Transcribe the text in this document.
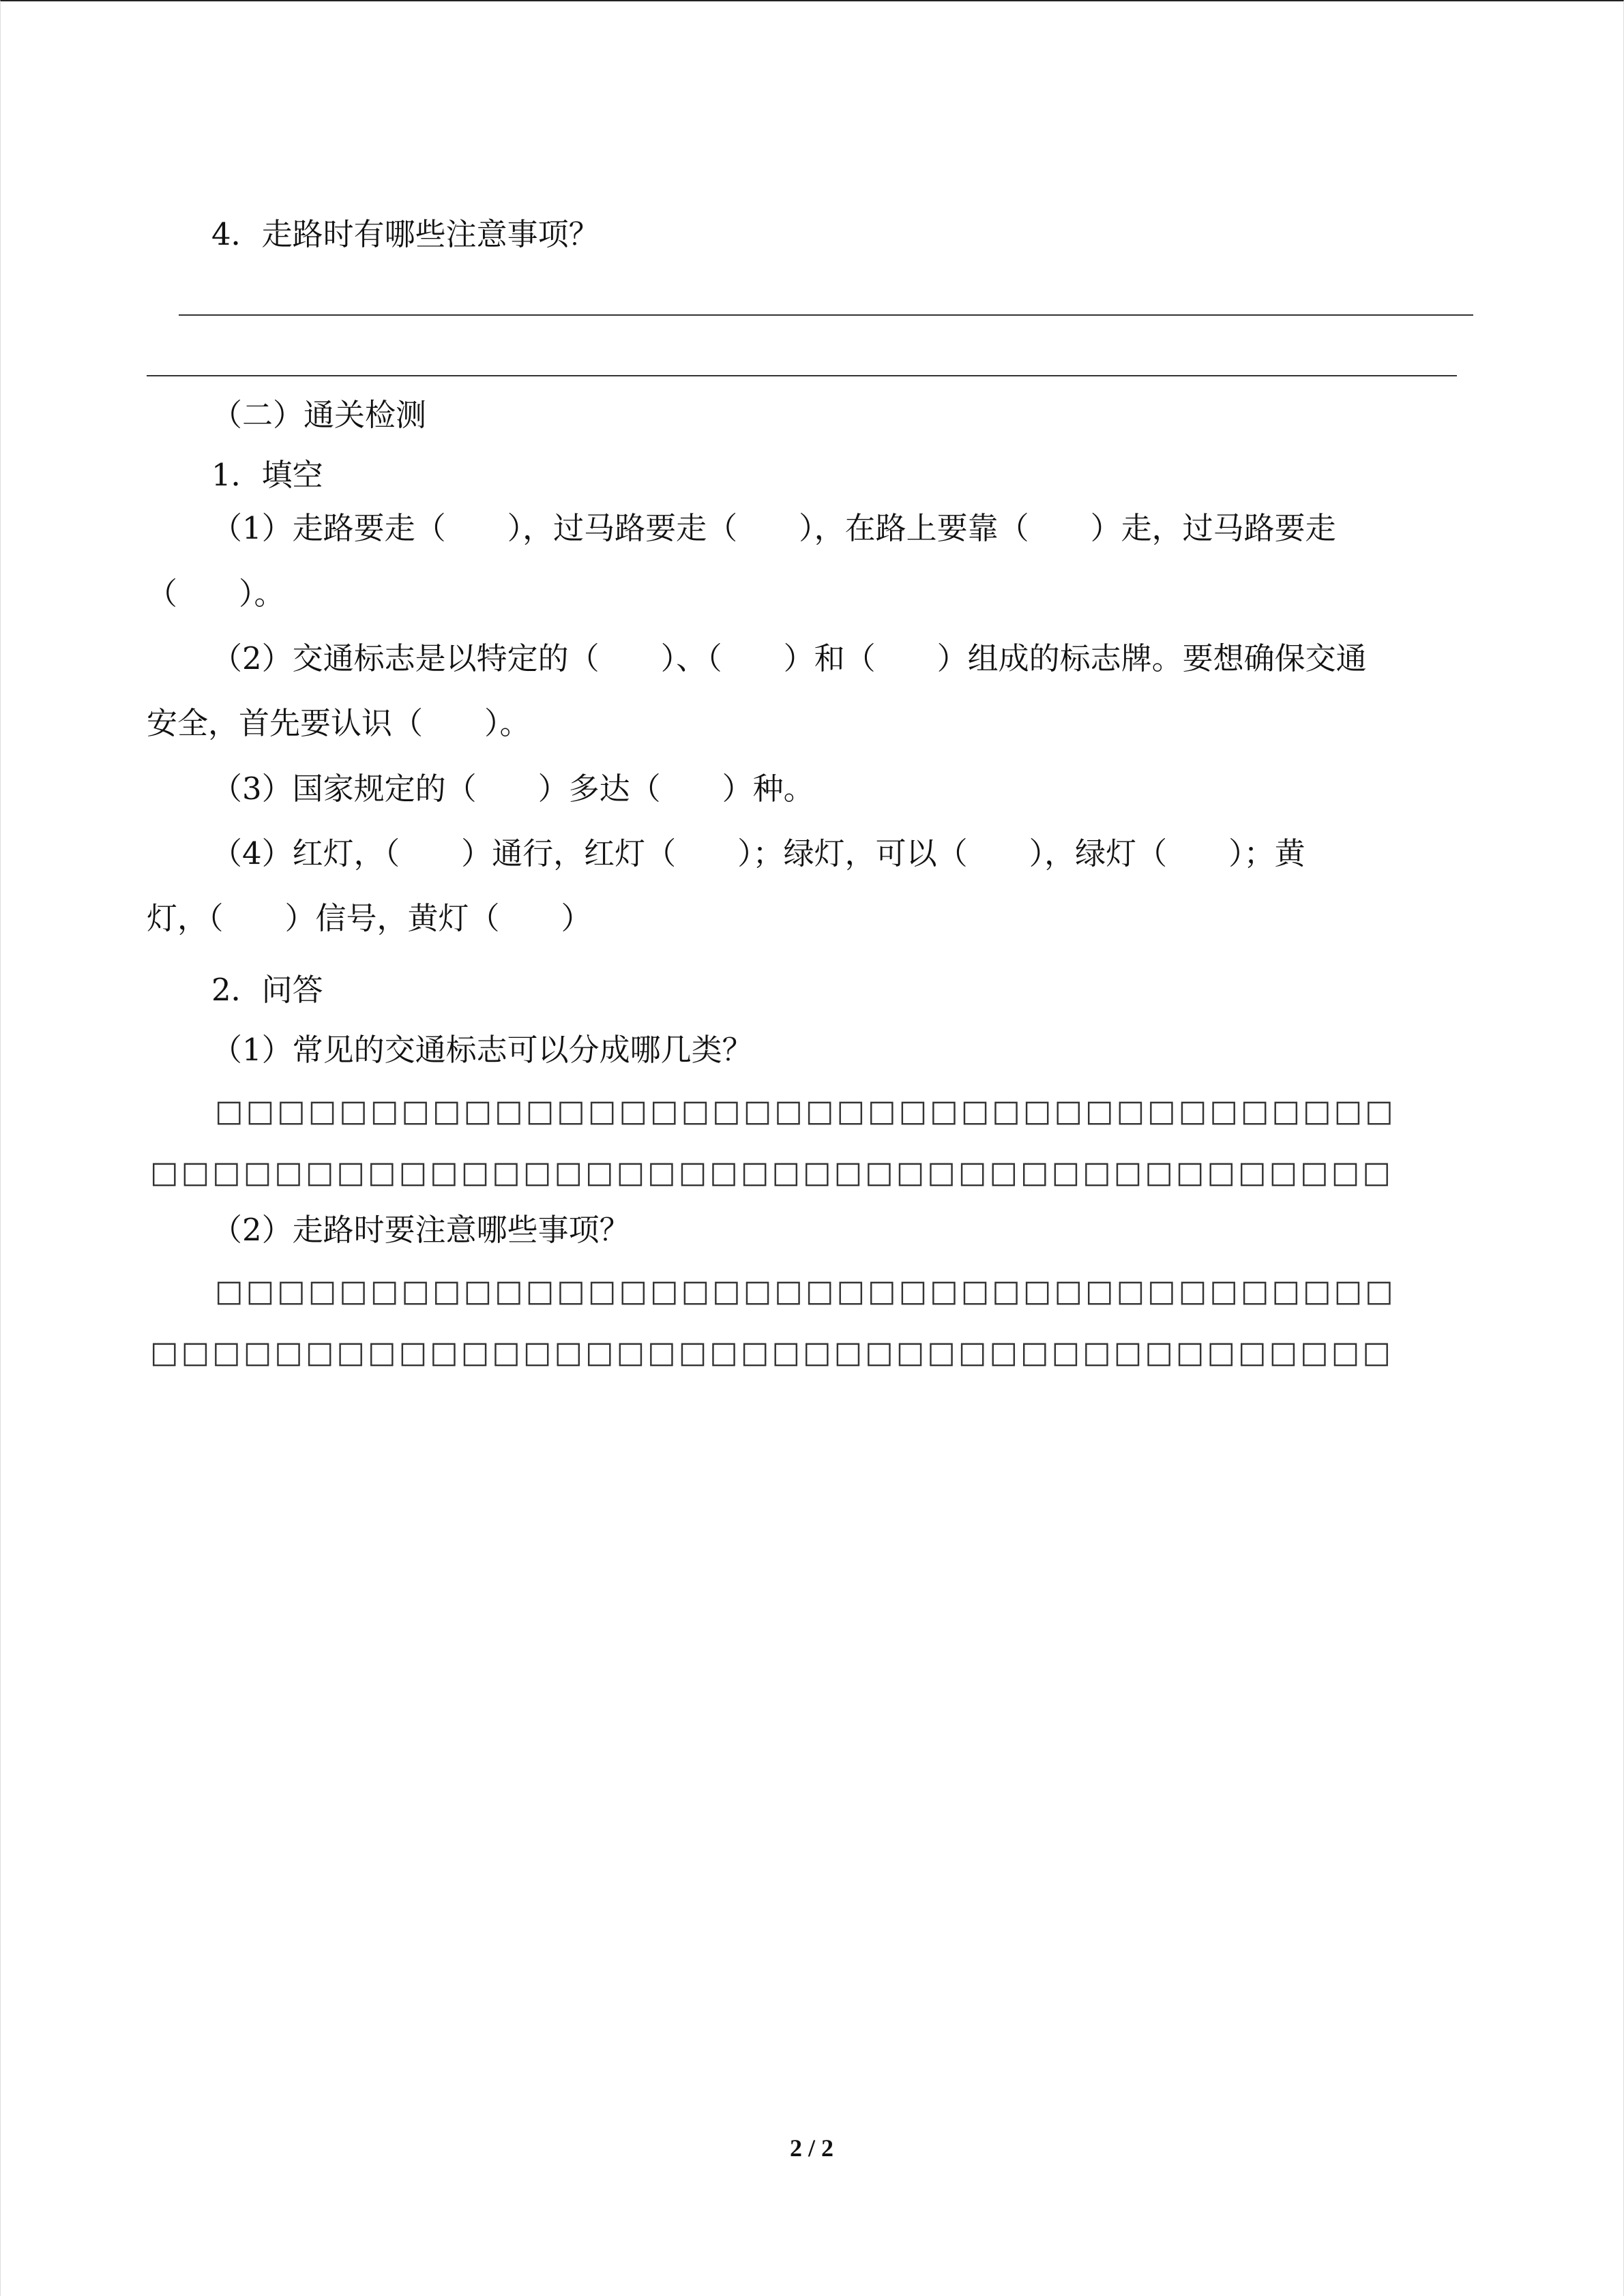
4．走路时有哪些注意事项？
（二）通关检测
1．填空
（1）走路要走（　　），过马路要走（　　），在路上要靠（　　）走，过马路要走
（　　）。
（2）交通标志是以特定的（　　）、（　　）和（　　）组成的标志牌。要想确保交通
安全，首先要认识（　　）。
（3）国家规定的（　　）多达（　　）种。
（4）红灯，（　　）通行，红灯（　　）；绿灯，可以（　　），绿灯（　　）；黄
灯，（　　）信号，黄灯（　　）
2．问答
（1）常见的交通标志可以分成哪几类？
□□□□□□□□□□□□□□□□□□□□□□□□□□□□□□□□□□□□□□
□□□□□□□□□□□□□□□□□□□□□□□□□□□□□□□□□□□□□□□□
（2）走路时要注意哪些事项？
□□□□□□□□□□□□□□□□□□□□□□□□□□□□□□□□□□□□□□
□□□□□□□□□□□□□□□□□□□□□□□□□□□□□□□□□□□□□□□□
2 / 2
